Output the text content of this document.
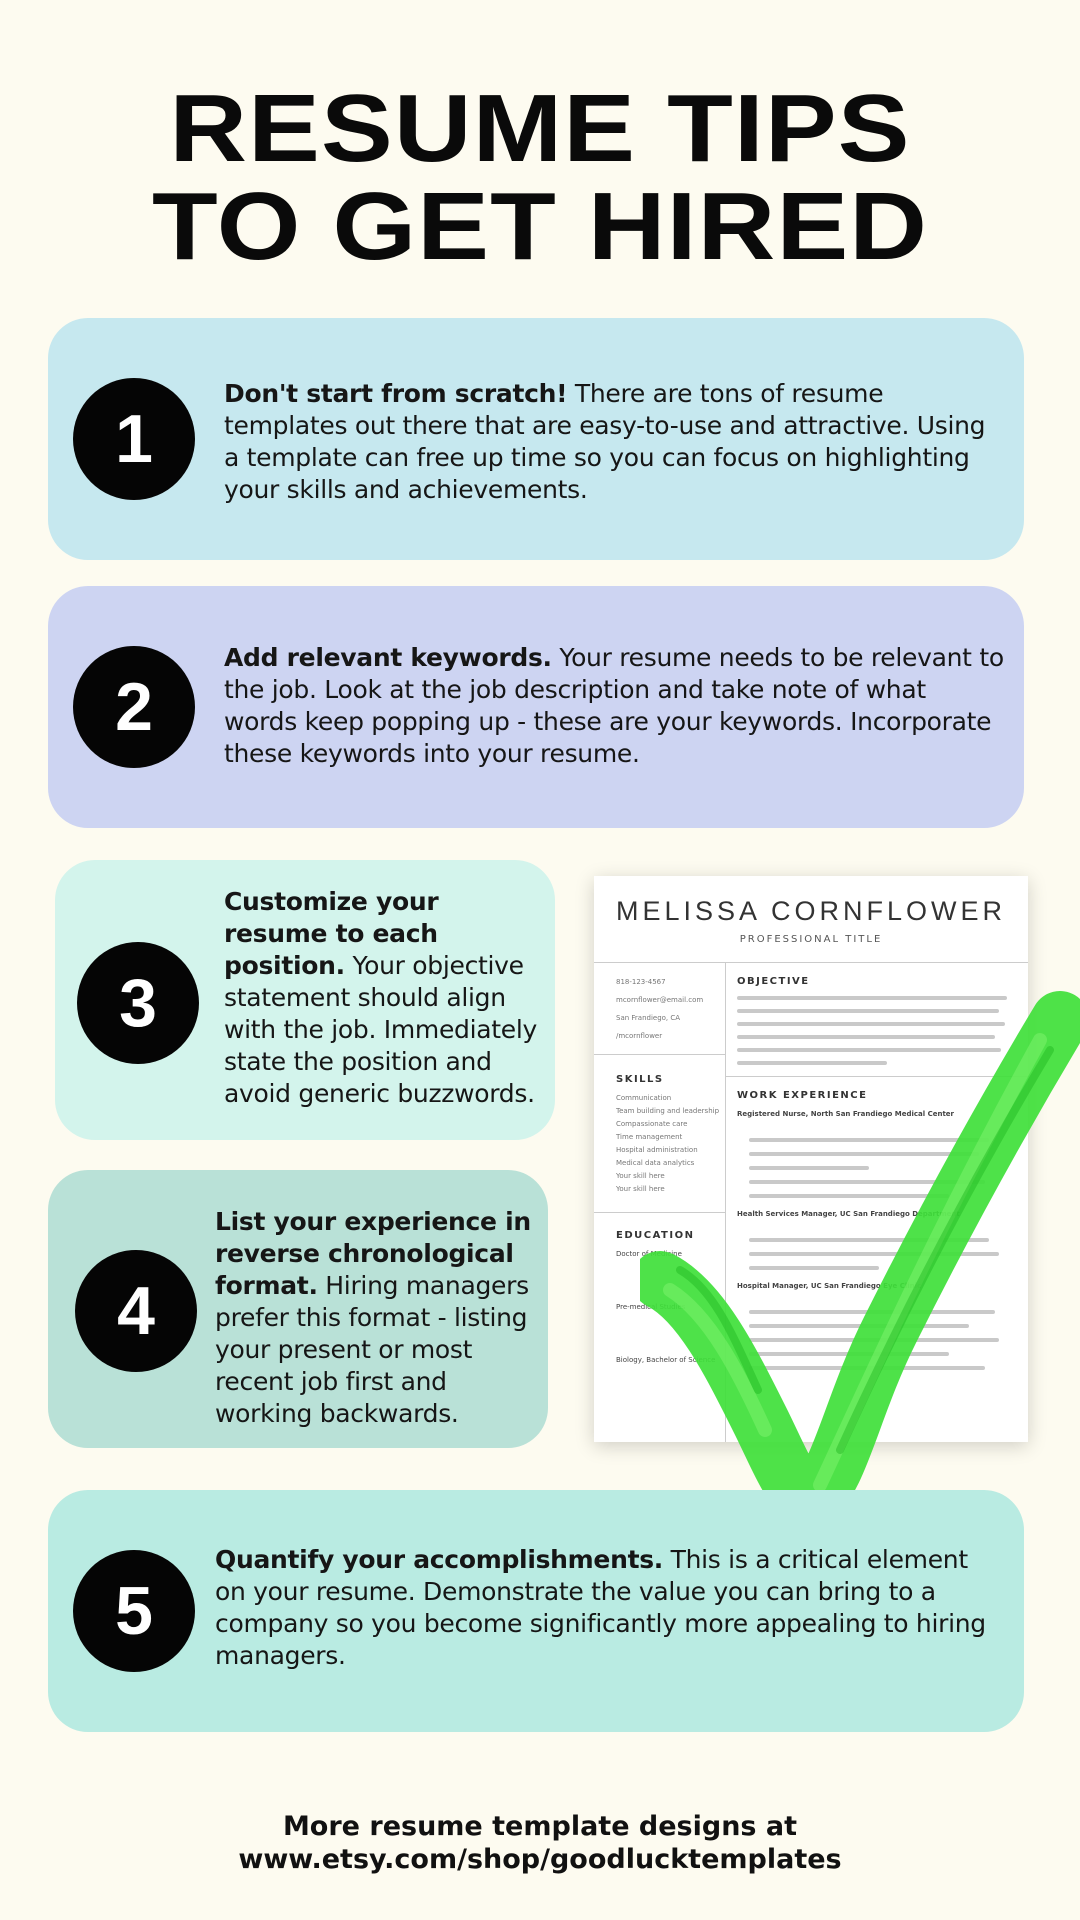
RESUME TIPS
TO GET HIRED
1
Don't start from scratch! There are tons of resume templates out there that are easy-to-use and attractive. Using a template can free up time so you can focus on highlighting your skills and achievements.
2
Add relevant keywords. Your resume needs to be relevant to the job. Look at the job description and take note of what words keep popping up - these are your keywords. Incorporate these keywords into your resume.
3
Customize your resume to each position. Your objective statement should align with the job. Immediately state the position and avoid generic buzzwords.
4
List your experience in reverse chronological format. Hiring managers prefer this format - listing your present or most recent job first and working backwards.
MELISSA CORNFLOWER
PROFESSIONAL TITLE
818-123-4567
mcornflower@email.com
San Frandiego, CA
/mcornflower
SKILLS
Communication
Team building and leadership
Compassionate care
Time management
Hospital administration
Medical data analytics
Your skill here
Your skill here
EDUCATION
Doctor of Medicine
Pre-medical Studies
Biology, Bachelor of Science
OBJECTIVE
WORK EXPERIENCE
Registered Nurse, North San Frandiego Medical Center
Health Services Manager, UC San Frandiego Department
Hospital Manager, UC San Frandiego Eye Clinic
5
Quantify your accomplishments. This is a critical element on your resume. Demonstrate the value you can bring to a company so you become significantly more appealing to hiring managers.
More resume template designs at
www.etsy.com/shop/goodlucktemplates
